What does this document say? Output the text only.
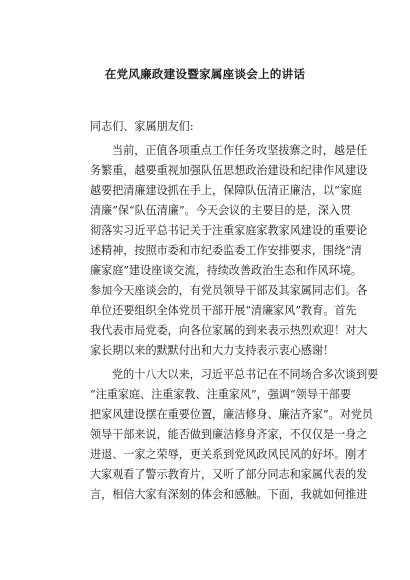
在党风廉政建设暨家属座谈会上的讲话
同志们、家属朋友们:
当前，正值各项重点工作任务攻坚拔寨之时，越是任
务繁重，越要重视加强队伍思想政治建设和纪律作风建设
越要把清廉建设抓在手上，保障队伍清正廉洁，以“家庭
清廉”保“队伍清廉”。今天会议的主要目的是，深入贯
彻落实习近平总书记关于注重家庭家教家风建设的重要论
述精神，按照市委和市纪委监委工作安排要求，围绕“清
廉家庭”建设座谈交流，持续改善政治生态和作风环境。
参加今天座谈会的，有党员领导干部及其家属同志们。各
单位还要组织全体党员干部开展“清廉家风”教育。首先
我代表市局党委，向各位家属的到来表示热烈欢迎！对大
家长期以来的默默付出和大力支持表示衷心感谢！
党的十八大以来，习近平总书记在不同场合多次谈到要
“注重家庭、注重家教、注重家风”，强调“领导干部要
把家风建设摆在重要位置，廉洁修身、廉洁齐家”。对党员
领导干部来说，能否做到廉洁修身齐家，不仅仅是一身之
进退、一家之荣辱，更关系到党风政风民风的好坏。刚才
大家观看了警示教育片，又听了部分同志和家属代表的发
言，相信大家有深刻的体会和感触。下面，我就如何推进
